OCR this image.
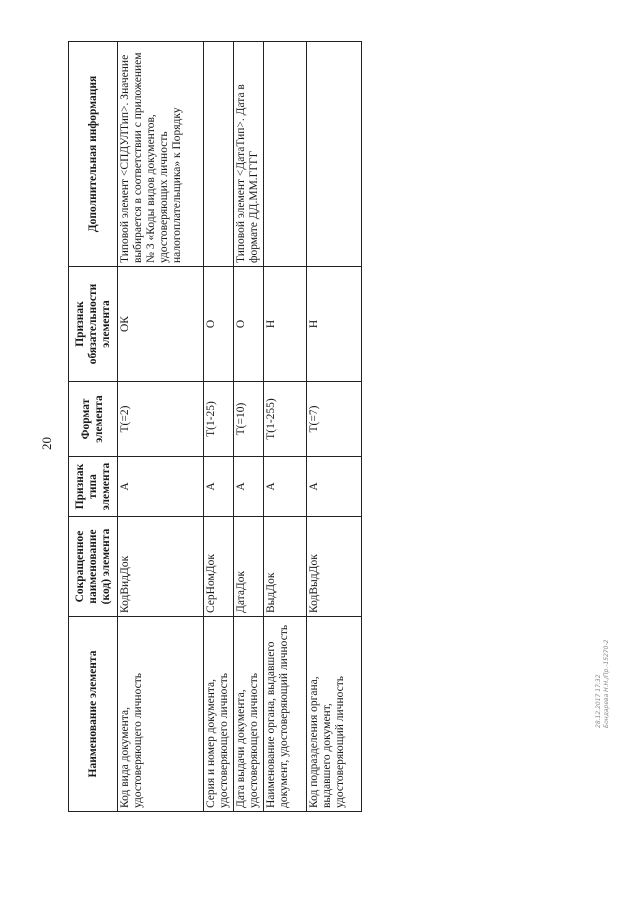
20
Наименование элемента	Сокращенное наименование (код) элемента	Признак типа элемента	Формат элемента	Признак обязательности элемента	Дополнительная информация
Код вида документа, удостоверяющего личность	КодВидДок	А	T(=2)	ОК	Типовой элемент <СПДУЛТип>. Значение выбирается в соответствии с приложением № 3 «Коды видов документов, удостоверяющих личность налогоплательщика» к Порядку
Серия и номер документа, удостоверяющего личность	СерНомДок	А	T(1-25)	О	
Дата выдачи документа, удостоверяющего личность	ДатаДок	А	T(=10)	О	Типовой элемент <ДатаТип>. Дата в формате ДД.ММ.ГГГГ
Наименование органа, выдавшего документ, удостоверяющий личность	ВыдДок	А	T(1-255)	Н	
Код подразделения органа, выдавшего документ, удостоверяющий личность	КодВыдДок	А	T(=7)	Н	
28.12.2017 17:32 Бондарева Н.Н./Пр.-15270-2
